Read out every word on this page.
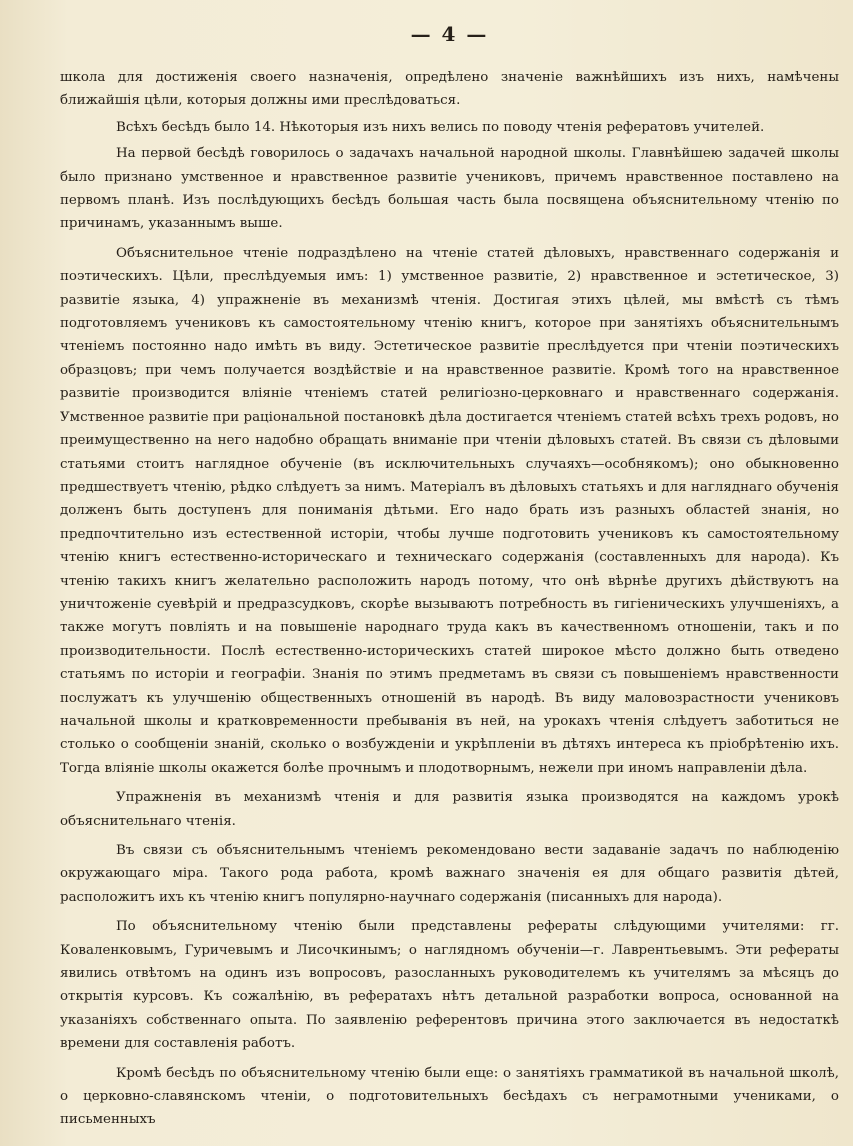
— 4 —

школа для достиженія своего назначенія, опредѣлено значеніе важнѣйшихъ изъ нихъ, намѣчены ближайшія цѣли, которыя должны ими преслѣдоваться.

Всѣхъ бесѣдъ было 14. Нѣкоторыя изъ нихъ велись по поводу чтенія рефератовъ учителей.

На первой бесѣдѣ говорилось о задачахъ начальной народной школы. Главнѣйшею задачей школы было признано умственное и нравственное развитіе учениковъ, причемъ нравственное поставлено на первомъ планѣ. Изъ послѣдующихъ бесѣдъ большая часть была посвящена объяснительному чтенію по причинамъ, указаннымъ выше.

Объяснительное чтеніе подраздѣлено на чтеніе статей дѣловыхъ, нравственнаго содержанія и поэтическихъ. Цѣли, преслѣдуемыя имъ: 1) умственное развитіе, 2) нравственное и эстетическое, 3) развитіе языка, 4) упражненіе въ механизмѣ чтенія. Достигая этихъ цѣлей, мы вмѣстѣ съ тѣмъ подготовляемъ учениковъ къ самостоятельному чтенію книгъ, которое при занятіяхъ объяснительнымъ чтеніемъ постоянно надо имѣть въ виду. Эстетическое развитіе преслѣдуется при чтеніи поэтическихъ образцовъ; при чемъ получается воздѣйствіе и на нравственное развитіе. Кромѣ того на нравственное развитіе производится вліяніе чтеніемъ статей религіозно-церковнаго и нравственнаго содержанія. Умственное развитіе при раціональной постановкѣ дѣла достигается чтеніемъ статей всѣхъ трехъ родовъ, но преимущественно на него надобно обращать вниманіе при чтеніи дѣловыхъ статей. Въ связи съ дѣловыми статьями стоитъ наглядное обученіе (въ исключительныхъ случаяхъ—особнякомъ); оно обыкновенно предшествуетъ чтенію, рѣдко слѣдуетъ за нимъ. Матеріалъ въ дѣловыхъ статьяхъ и для нагляднаго обученія долженъ быть доступенъ для пониманія дѣтьми. Его надо брать изъ разныхъ областей знанія, но предпочтительно изъ естественной исторіи, чтобы лучше подготовить учениковъ къ самостоятельному чтенію книгъ естественно-историческаго и техническаго содержанія (составленныхъ для народа). Къ чтенію такихъ книгъ желательно расположить народъ потому, что онѣ вѣрнѣе другихъ дѣйствуютъ на уничтоженіе суевѣрій и предразсудковъ, скорѣе вызываютъ потребность въ гигіеническихъ улучшеніяхъ, а также могутъ повліять и на повышеніе народнаго труда какъ въ качественномъ отношеніи, такъ и по производительности. Послѣ естественно-историческихъ статей широкое мѣсто должно быть отведено статьямъ по исторіи и географіи. Знанія по этимъ предметамъ въ связи съ повышеніемъ нравственности послужатъ къ улучшенію общественныхъ отношеній въ народѣ. Въ виду маловозрастности учениковъ начальной школы и кратковременности пребыванія въ ней, на урокахъ чтенія слѣдуетъ заботиться не столько о сообщеніи знаній, сколько о возбужденіи и укрѣпленіи въ дѣтяхъ интереса къ пріобрѣтенію ихъ. Тогда вліяніе школы окажется болѣе прочнымъ и плодотворнымъ, нежели при иномъ направленіи дѣла.

Упражненія въ механизмѣ чтенія и для развитія языка производятся на каждомъ урокѣ объяснительнаго чтенія.

Въ связи съ объяснительнымъ чтеніемъ рекомендовано вести задаваніе задачъ по наблюденію окружающаго міра. Такого рода работа, кромѣ важнаго значенія ея для общаго развитія дѣтей, расположитъ ихъ къ чтенію книгъ популярно-научнаго содержанія (писанныхъ для народа).

По объяснительному чтенію были представлены рефераты слѣдующими учителями: гг. Коваленковымъ, Гуричевымъ и Лисочкинымъ; о наглядномъ обученіи—г. Лаврентьевымъ. Эти рефераты явились отвѣтомъ на одинъ изъ вопросовъ, разосланныхъ руководителемъ къ учителямъ за мѣсяцъ до открытія курсовъ. Къ сожалѣнію, въ рефератахъ нѣтъ детальной разработки вопроса, основанной на указаніяхъ собственнаго опыта. По заявленію референтовъ причина этого заключается въ недостаткѣ времени для составленія работъ.

Кромѣ бесѣдъ по объяснительному чтенію были еще: о занятіяхъ грамматикой въ начальной школѣ, о церковно-славянскомъ чтеніи, о подготовительныхъ бесѣдахъ съ неграмотными учениками, о письменныхъ
